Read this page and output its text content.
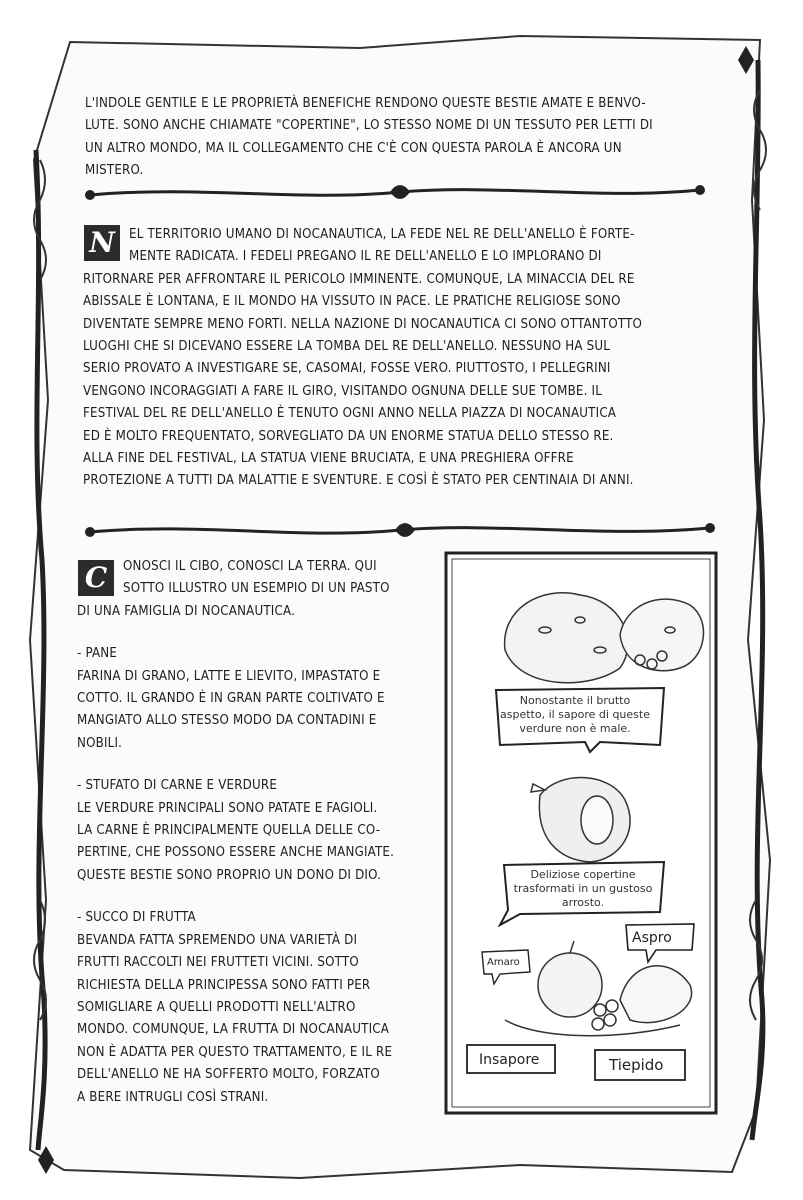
L'INDOLE GENTILE E LE PROPRIETÀ BENEFICHE RENDONO QUESTE BESTIE AMATE E BENVO-
LUTE. SONO ANCHE CHIAMATE "COPERTINE", LO STESSO NOME DI UN TESSUTO PER LETTI DI
UN ALTRO MONDO, MA IL COLLEGAMENTO CHE C'È CON QUESTA PAROLA È ANCORA UN
MISTERO.
N	EL TERRITORIO UMANO DI NOCANAUTICA, LA FEDE NEL RE DELL'ANELLO È FORTE-
MENTE RADICATA. I FEDELI PREGANO IL RE DELL'ANELLO E LO IMPLORANO DI
RITORNARE PER AFFRONTARE IL PERICOLO IMMINENTE. COMUNQUE, LA MINACCIA DEL RE
ABISSALE È LONTANA, E IL MONDO HA VISSUTO IN PACE. LE PRATICHE RELIGIOSE SONO
DIVENTATE SEMPRE MENO FORTI. NELLA NAZIONE DI NOCANAUTICA CI SONO OTTANTOTTO
LUOGHI CHE SI DICEVANO ESSERE LA TOMBA DEL RE DELL'ANELLO. NESSUNO HA SUL
SERIO PROVATO A INVESTIGARE SE, CASOMAI, FOSSE VERO. PIUTTOSTO, I PELLEGRINI
VENGONO INCORAGGIATI A FARE IL GIRO, VISITANDO OGNUNA DELLE SUE TOMBE. IL
FESTIVAL DEL RE DELL'ANELLO È TENUTO OGNI ANNO NELLA PIAZZA DI NOCANAUTICA
ED È MOLTO FREQUENTATO, SORVEGLIATO DA UN ENORME STATUA DELLO STESSO RE.
ALLA FINE DEL FESTIVAL, LA STATUA VIENE BRUCIATA, E UNA PREGHIERA OFFRE
PROTEZIONE A TUTTI DA MALATTIE E SVENTURE. E COSÌ È STATO PER CENTINAIA DI ANNI.
C	ONOSCI IL CIBO, CONOSCI LA TERRA. QUI
SOTTO ILLUSTRO UN ESEMPIO DI UN PASTO
DI UNA FAMIGLIA DI NOCANAUTICA.
- PANE
FARINA DI GRANO, LATTE E LIEVITO, IMPASTATO E
COTTO. IL GRANDO È IN GRAN PARTE COLTIVATO E
MANGIATO ALLO STESSO MODO DA CONTADINI E
NOBILI.
- STUFATO DI CARNE E VERDURE
LE VERDURE PRINCIPALI SONO PATATE E FAGIOLI.
LA CARNE È PRINCIPALMENTE QUELLA DELLE CO-
PERTINE, CHE POSSONO ESSERE ANCHE MANGIATE.
QUESTE BESTIE SONO PROPRIO UN DONO DI DIO.
- SUCCO DI FRUTTA
BEVANDA FATTA SPREMENDO UNA VARIETÀ DI
FRUTTI RACCOLTI NEI FRUTTETI VICINI. SOTTO
RICHIESTA DELLA PRINCIPESSA SONO FATTI PER
SOMIGLIARE A QUELLI PRODOTTI NELL'ALTRO
MONDO. COMUNQUE, LA FRUTTA DI NOCANAUTICA
NON È ADATTA PER QUESTO TRATTAMENTO, E IL RE
DELL'ANELLO NE HA SOFFERTO MOLTO, FORZATO
A BERE INTRUGLI COSÌ STRANI.
Nonostante il brutto
aspetto, il sapore di queste
verdure non è male.
Deliziose copertine
trasformati in un gustoso
arrosto.
Aspro
Amaro
Insapore	Tiepido
